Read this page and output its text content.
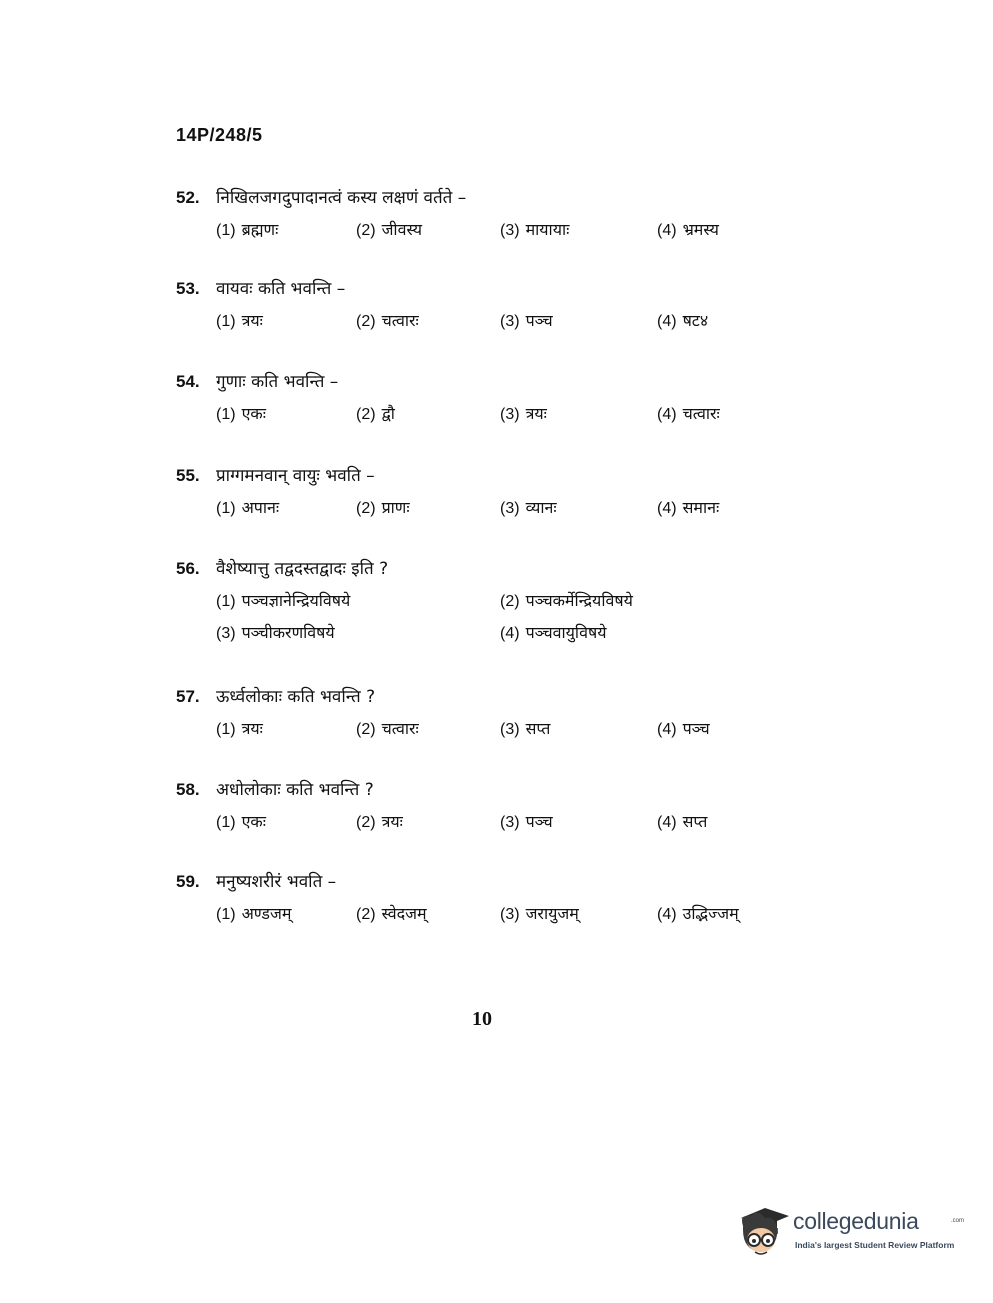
14P/248/5
52. निखिलजगदुपादानत्वं कस्य लक्षणं वर्तते –
(1) ब्रह्मणः	(2) जीवस्य	(3) मायायाः	(4) भ्रमस्य
53. वायवः कति भवन्ति –
(1) त्रयः	(2) चत्वारः	(3) पञ्च	(4) षट४
54. गुणाः कति भवन्ति –
(1) एकः	(2) द्वौ	(3) त्रयः	(4) चत्वारः
55. प्राग्गमनवान् वायुः भवति –
(1) अपानः	(2) प्राणः	(3) व्यानः	(4) समानः
56. वैशेष्यात्तु तद्वदस्तद्वादः इति ?
(1) पञ्चज्ञानेन्द्रियविषये	(2) पञ्चकर्मेन्द्रियविषये
(3) पञ्चीकरणविषये	(4) पञ्चवायुविषये
57. ऊर्ध्वलोकाः कति भवन्ति ?
(1) त्रयः	(2) चत्वारः	(3) सप्त	(4) पञ्च
58. अधोलोकाः कति भवन्ति ?
(1) एकः	(2) त्रयः	(3) पञ्च	(4) सप्त
59. मनुष्यशरीरं भवति –
(1) अण्डजम्	(2) स्वेदजम्	(3) जरायुजम्	(4) उद्भिज्जम्
10
collegedunia	.com
India's largest Student Review Platform
